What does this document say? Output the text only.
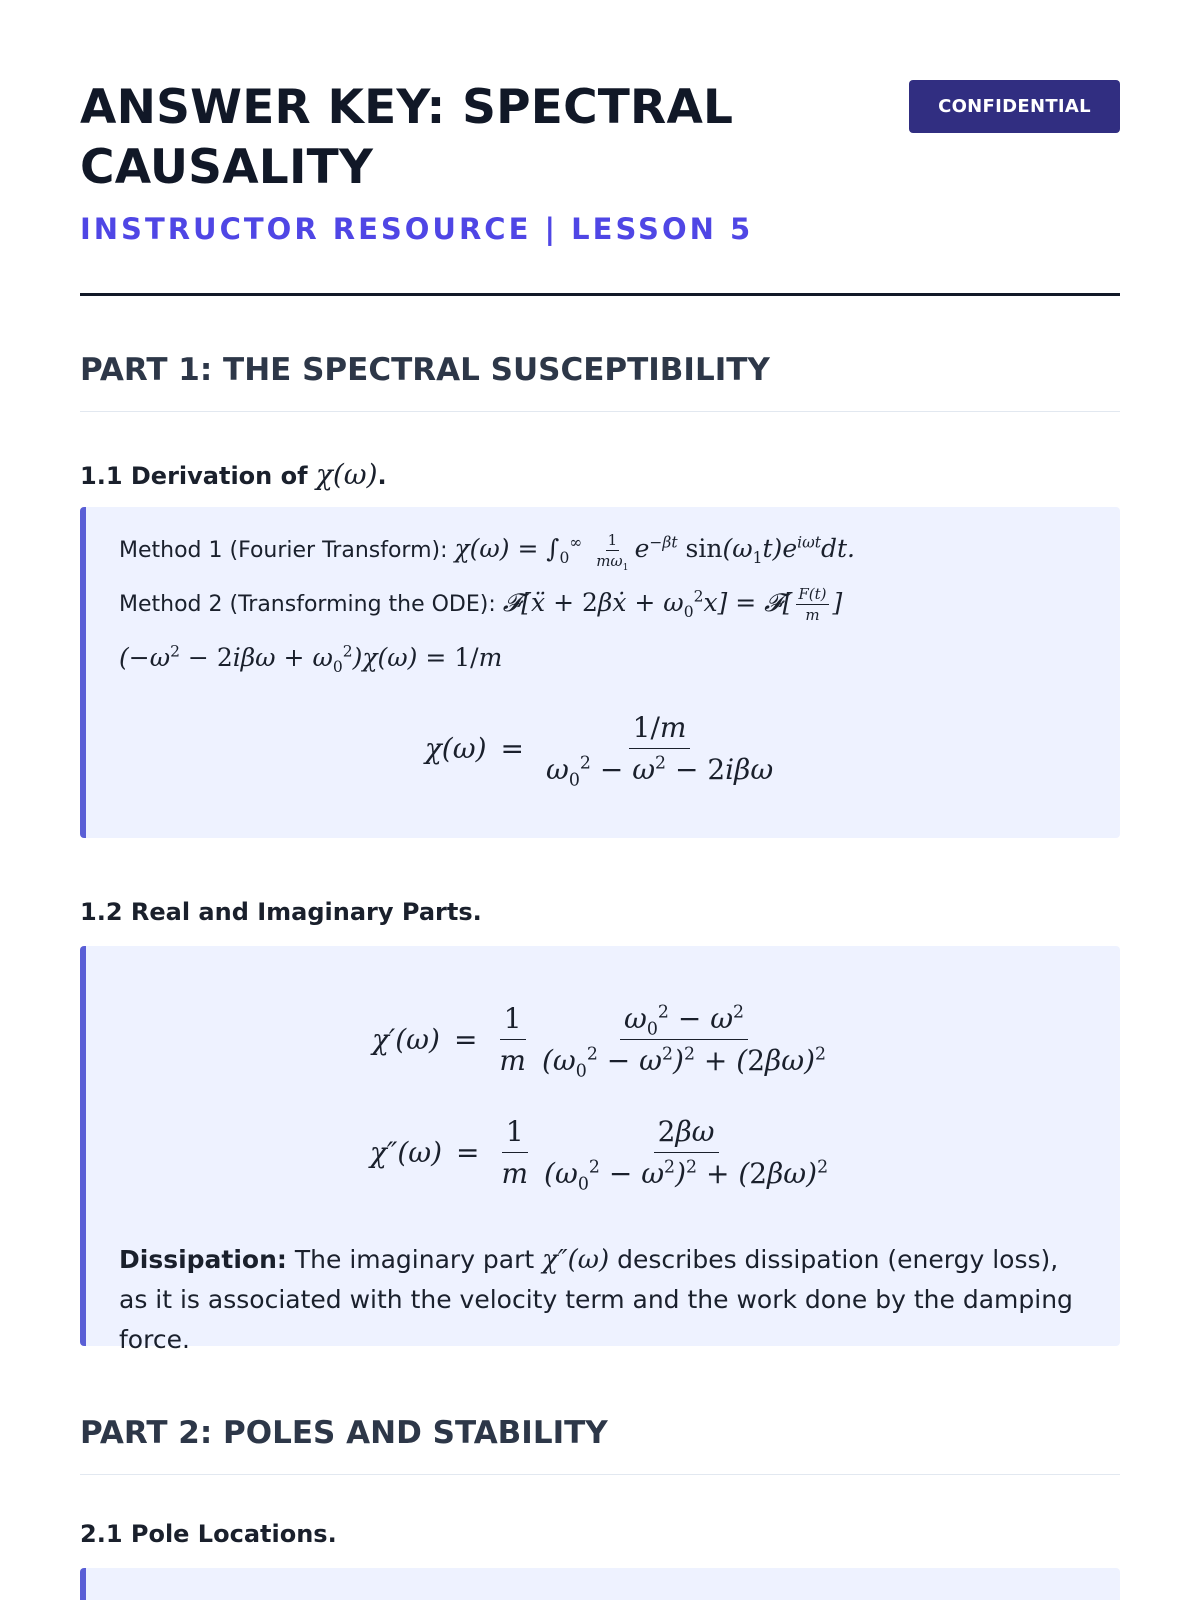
ANSWER KEY: SPECTRAL
CAUSALITY
CONFIDENTIAL
INSTRUCTOR RESOURCE | LESSON 5
PART 1: THE SPECTRAL SUSCEPTIBILITY
1.1 Derivation of χ(ω).
Method 1 (Fourier Transform): $\chi(\omega) = \int_0^\infty \frac{1}{m\omega_1} e^{-\beta t}$ $\sin(\omega_1t)e^{i\omega t}dt$.
Method 2 (Transforming the ODE): 𝓕[ẍ + 2βẋ + $\omega_0^2x$] = 𝓕[ $\frac{F(t)}{m}$ ]
$(-\omega^2 - 2i\beta\omega + \omega_0^2)\chi(\omega) = 1/m$
$\chi(\omega) = \frac{1/m}{\omega_0^2 - \omega^2 - 2i\beta\omega}$
1.2 Real and Imaginary Parts.
$\chi'(\omega) = \frac{1}{m} \frac{\omega_0^2 - \omega^2}{(\omega_0^2 - \omega^2)^2 + (2\beta\omega)^2}$
$\chi''(\omega) = \frac{1}{m} \frac{2\beta\omega}{(\omega_0^2 - \omega^2)^2 + (2\beta\omega)^2}$
Dissipation: The imaginary part χ″(ω) describes dissipation (energy loss), as it is associated with the velocity term and the work done by the damping force.
PART 2: POLES AND STABILITY
2.1 Pole Locations.
